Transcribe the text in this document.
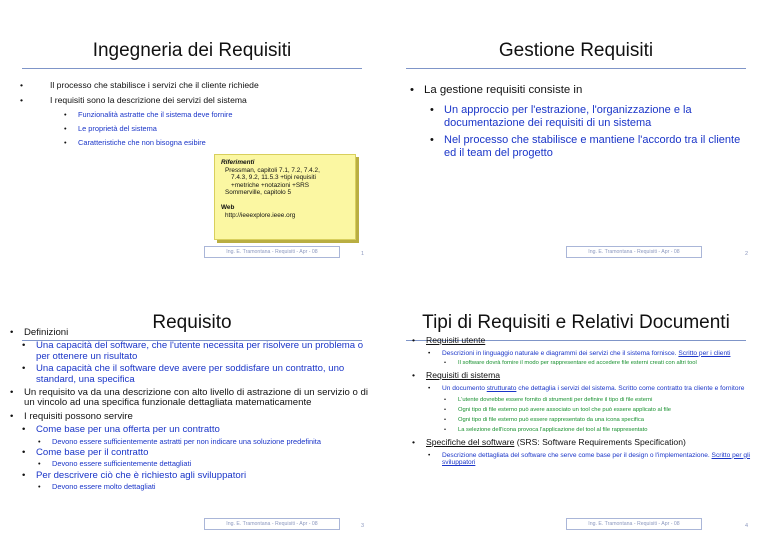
Ingegneria dei Requisiti
• Il processo che stabilisce i servizi che il cliente richiede
• I requisiti sono la descrizione dei servizi del sistema
• Funzionalità astratte che il sistema deve fornire
• Le proprietà del sistema
• Caratteristiche che non bisogna esibire
Riferimenti
Pressman, capitoli 7.1, 7.2, 7.4.2,
7.4.3, 9.2, 11.5.3 +tipi requisiti
+metriche +notazioni +SRS
Sommerville, capitolo 5
Web
http://ieeexplore.ieee.org
Ing. E. Tramontana - Requisiti - Apr - 08	1
Gestione Requisiti
• La gestione requisiti consiste in
• Un approccio per l'estrazione, l'organizzazione e la documentazione dei requisiti di un sistema
• Nel processo che stabilisce e mantiene l'accordo tra il cliente ed il team del progetto
Ing. E. Tramontana - Requisiti - Apr - 08	2
Requisito
• Definizioni
• Una capacità del software, che l'utente necessita per risolvere un problema o per ottenere un risultato
• Una capacità che il software deve avere per soddisfare un contratto, uno standard, una specifica
• Un requisito va da una descrizione con alto livello di astrazione di un servizio o di un vincolo ad una specifica funzionale dettagliata matematicamente
• I requisiti possono servire
• Come base per una offerta per un contratto
• Devono essere sufficientemente astratti per non indicare una soluzione predefinita
• Come base per il contratto
• Devono essere sufficientemente dettagliati
• Per descrivere ciò che è richiesto agli sviluppatori
• Devono essere molto dettagliati
Ing. E. Tramontana - Requisiti - Apr - 08	3
Tipi di Requisiti e Relativi Documenti
• Requisiti utente
• Descrizioni in linguaggio naturale e diagrammi dei servizi che il sistema fornisce. Scritto per i clienti
• Il software dovrà fornire il modo per rappresentare ed accedere file esterni creati con altri tool
• Requisiti di sistema
• Un documento strutturato che dettaglia i servizi del sistema. Scritto come contratto tra cliente e fornitore
• L'utente dovrebbe essere fornito di strumenti per definire il tipo di file esterni
• Ogni tipo di file esterno può avere associato un tool che può essere applicato al file
• Ogni tipo di file esterno può essere rappresentato da una icona specifica
• La selezione dell'icona provoca l'applicazione del tool al file rappresentato
• Specifiche del software (SRS: Software Requirements Specification)
• Descrizione dettagliata del software che serve come base per il design o l'implementazione. Scritto per gli sviluppatori
Ing. E. Tramontana - Requisiti - Apr - 08	4
